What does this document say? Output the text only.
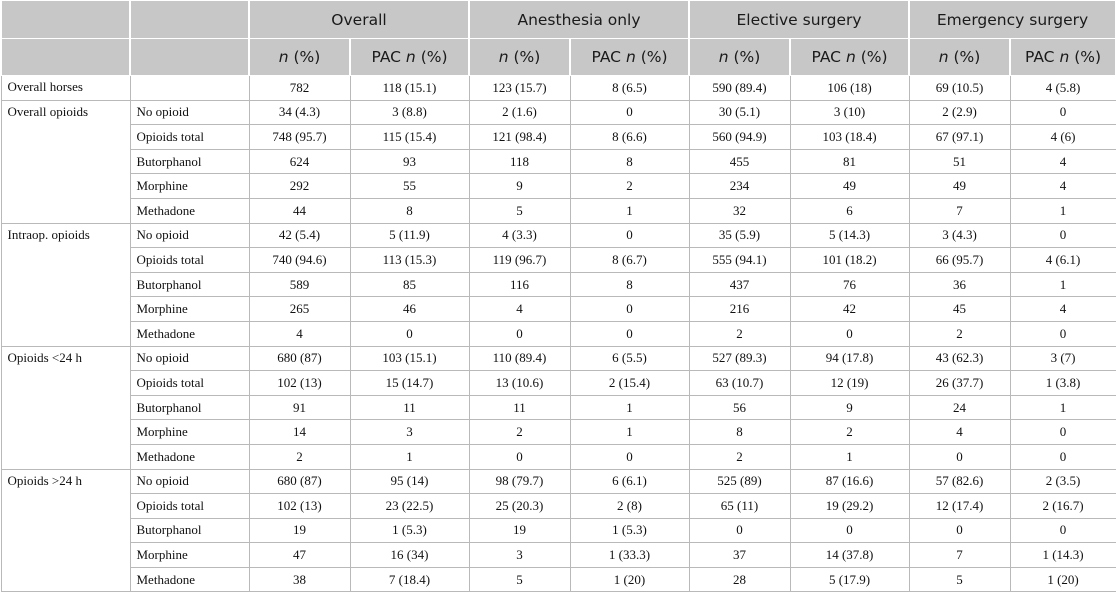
		Overall		Anesthesia only		Elective surgery		Emergency surgery	
		n (%)	PAC n (%)	n (%)	PAC n (%)	n (%)	PAC n (%)	n (%)	PAC n (%)
Overall horses		782	118 (15.1)	123 (15.7)	8 (6.5)	590 (89.4)	106 (18)	69 (10.5)	4 (5.8)
Overall opioids	No opioid	34 (4.3)	3 (8.8)	2 (1.6)	0	30 (5.1)	3 (10)	2 (2.9)	0
	Opioids total	748 (95.7)	115 (15.4)	121 (98.4)	8 (6.6)	560 (94.9)	103 (18.4)	67 (97.1)	4 (6)
	Butorphanol	624	93	118	8	455	81	51	4
	Morphine	292	55	9	2	234	49	49	4
	Methadone	44	8	5	1	32	6	7	1
Intraop. opioids	No opioid	42 (5.4)	5 (11.9)	4 (3.3)	0	35 (5.9)	5 (14.3)	3 (4.3)	0
	Opioids total	740 (94.6)	113 (15.3)	119 (96.7)	8 (6.7)	555 (94.1)	101 (18.2)	66 (95.7)	4 (6.1)
	Butorphanol	589	85	116	8	437	76	36	1
	Morphine	265	46	4	0	216	42	45	4
	Methadone	4	0	0	0	2	0	2	0
Opioids <24 h	No opioid	680 (87)	103 (15.1)	110 (89.4)	6 (5.5)	527 (89.3)	94 (17.8)	43 (62.3)	3 (7)
	Opioids total	102 (13)	15 (14.7)	13 (10.6)	2 (15.4)	63 (10.7)	12 (19)	26 (37.7)	1 (3.8)
	Butorphanol	91	11	11	1	56	9	24	1
	Morphine	14	3	2	1	8	2	4	0
	Methadone	2	1	0	0	2	1	0	0
Opioids >24 h	No opioid	680 (87)	95 (14)	98 (79.7)	6 (6.1)	525 (89)	87 (16.6)	57 (82.6)	2 (3.5)
	Opioids total	102 (13)	23 (22.5)	25 (20.3)	2 (8)	65 (11)	19 (29.2)	12 (17.4)	2 (16.7)
	Butorphanol	19	1 (5.3)	19	1 (5.3)	0	0	0	0
	Morphine	47	16 (34)	3	1 (33.3)	37	14 (37.8)	7	1 (14.3)
	Methadone	38	7 (18.4)	5	1 (20)	28	5 (17.9)	5	1 (20)
